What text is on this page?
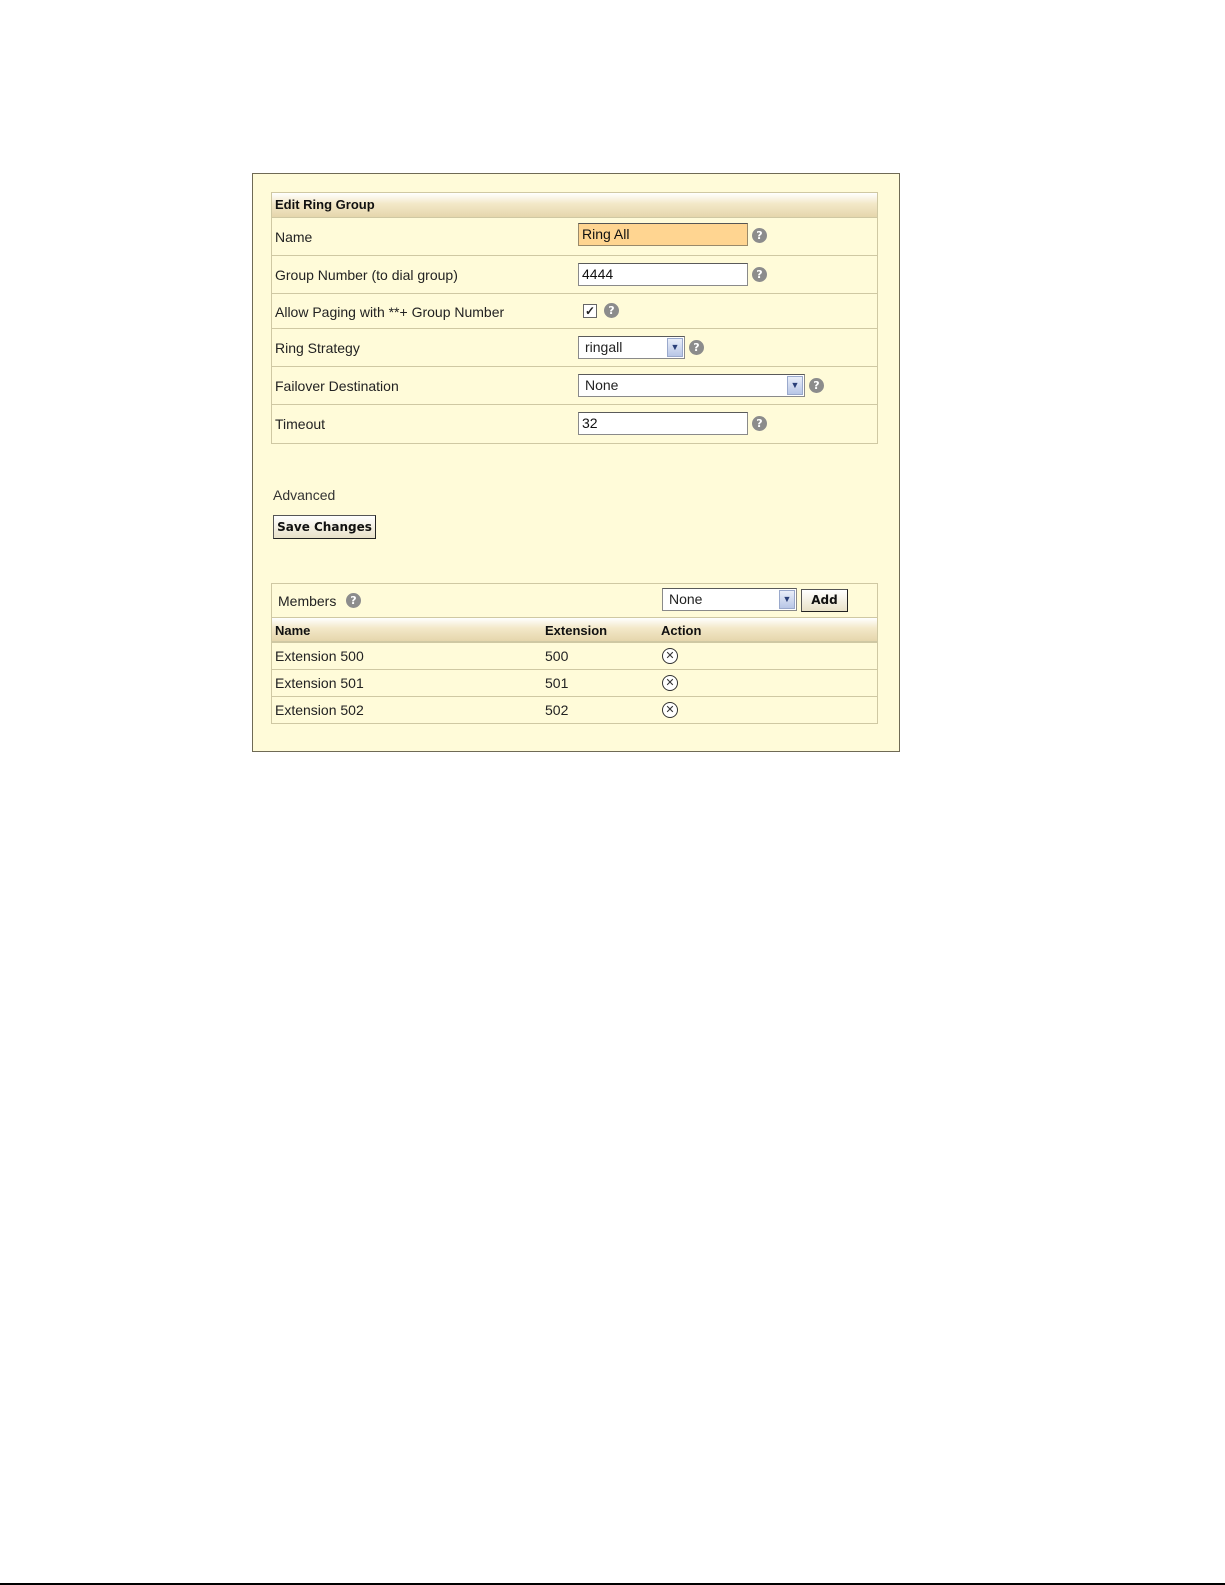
Edit Ring Group
Name	Ring All	?
Group Number (to dial group)	4444	?
Allow Paging with **+ Group Number	✓	?
Ring Strategy	ringall	▼	?
Failover Destination	None	▼	?
Timeout	32	?
Advanced
Save Changes
Members	?	None	▼	Add
Name	Extension	Action
Extension 500	500	✕
Extension 501	501	✕
Extension 502	502	✕
